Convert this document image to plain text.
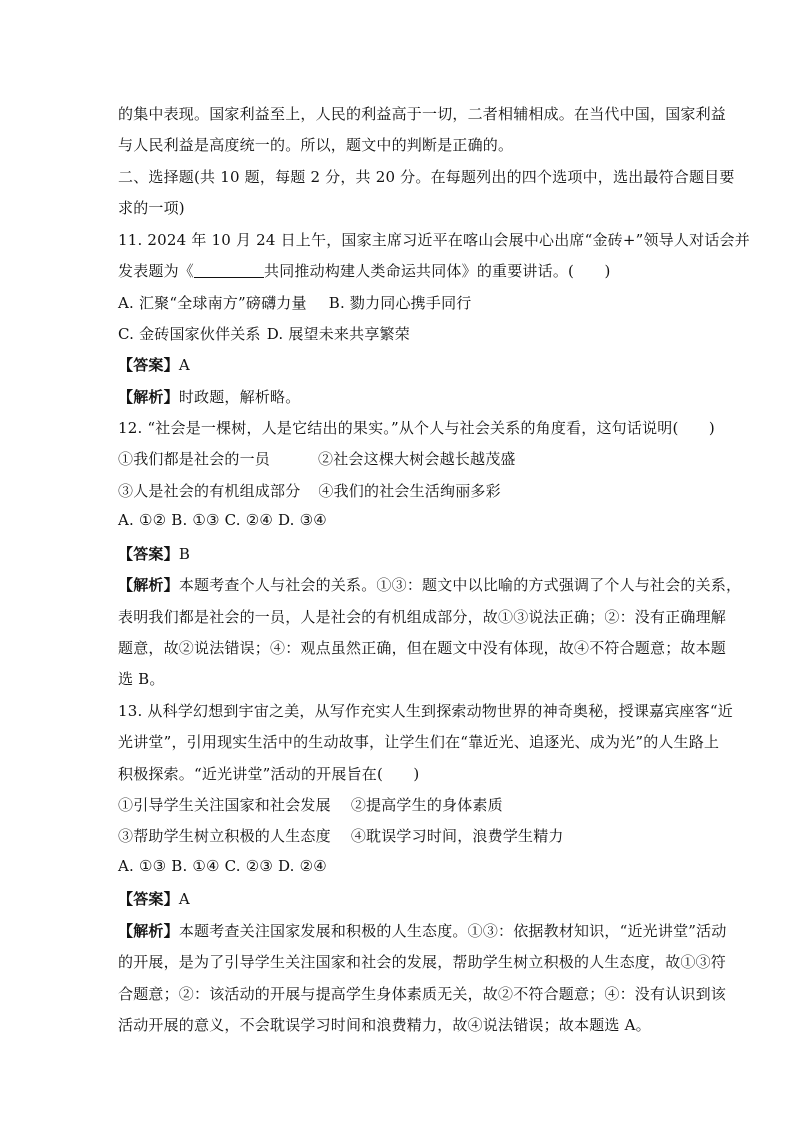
的集中表现。国家利益至上，人民的利益高于一切，二者相辅相成。在当代中国，国家利益
与人民利益是高度统一的。所以，题文中的判断是正确的。
二、选择题(共 10 题，每题 2 分，共 20 分。在每题列出的四个选项中，选出最符合题目要
求的一项)
11. 2024 年 10 月 24 日上午，国家主席习近平在喀山会展中心出席“金砖+”领导人对话会并
发表题为《	共同推动构建人类命运共同体》的重要讲话。(　　)
A. 汇聚“全球南方”磅礴力量 B. 勠力同心携手同行
C. 金砖国家伙伴关系 D. 展望未来共享繁荣
【答案】A
【解析】时政题，解析略。
12. “社会是一棵树，人是它结出的果实。”从个人与社会关系的角度看，这句话说明(　　)
①我们都是社会的一员	②社会这棵大树会越长越茂盛
③人是社会的有机组成部分 ④我们的社会生活绚丽多彩
A. ①② B. ①③ C. ②④ D. ③④
【答案】B
【解析】本题考查个人与社会的关系。①③：题文中以比喻的方式强调了个人与社会的关系，
表明我们都是社会的一员，人是社会的有机组成部分，故①③说法正确；②：没有正确理解
题意，故②说法错误；④：观点虽然正确，但在题文中没有体现，故④不符合题意；故本题
选 B。
13. 从科学幻想到宇宙之美，从写作充实人生到探索动物世界的神奇奥秘，授课嘉宾座客“近
光讲堂”，引用现实生活中的生动故事，让学生们在“靠近光、追逐光、成为光”的人生路上
积极探索。“近光讲堂”活动的开展旨在(　　)
①引导学生关注国家和社会发展 ②提高学生的身体素质
③帮助学生树立积极的人生态度 ④耽误学习时间，浪费学生精力
A. ①③ B. ①④ C. ②③ D. ②④
【答案】A
【解析】本题考查关注国家发展和积极的人生态度。①③：依据教材知识，“近光讲堂”活动
的开展，是为了引导学生关注国家和社会的发展，帮助学生树立积极的人生态度，故①③符
合题意；②：该活动的开展与提高学生身体素质无关，故②不符合题意；④：没有认识到该
活动开展的意义，不会耽误学习时间和浪费精力，故④说法错误；故本题选 A。
